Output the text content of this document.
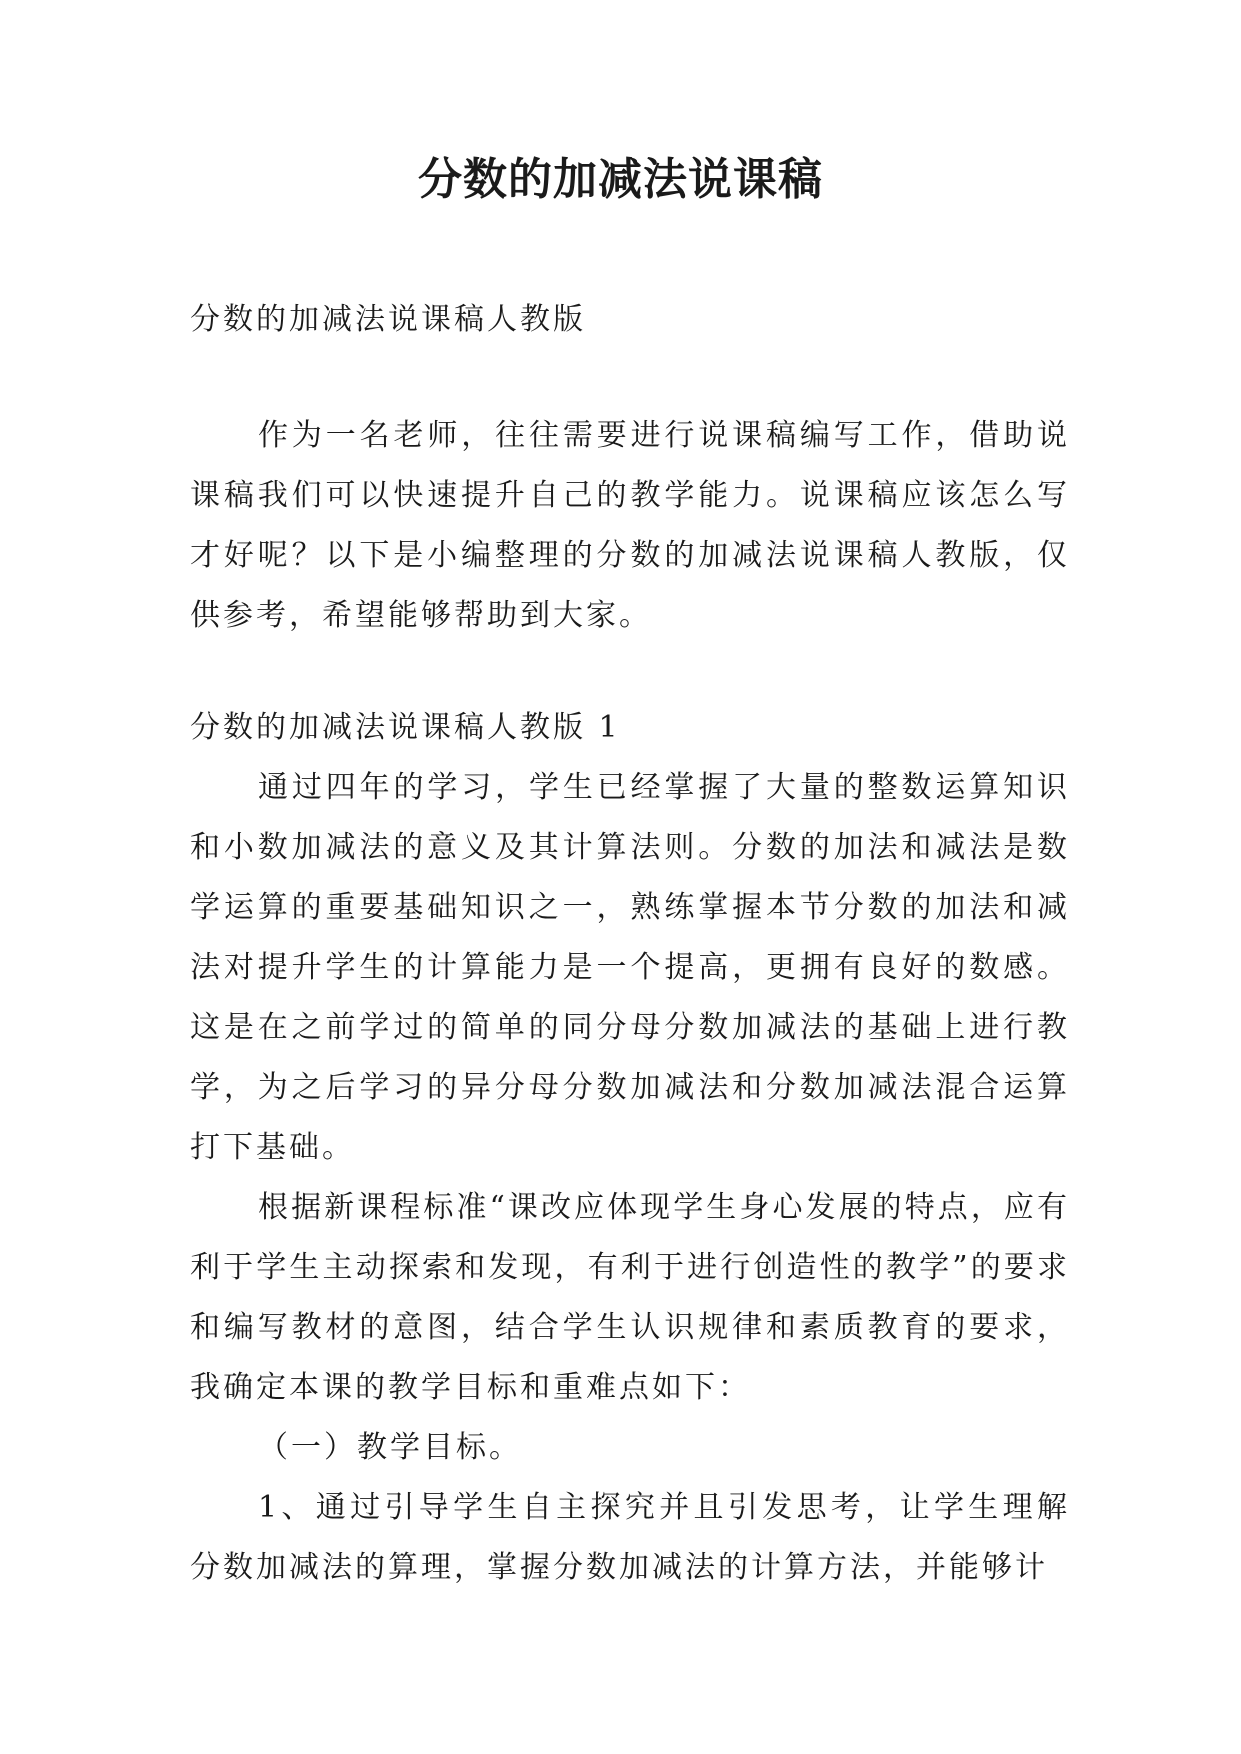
分数的加减法说课稿

分数的加减法说课稿人教版

作为一名老师，往往需要进行说课稿编写工作，借助说课稿我们可以快速提升自己的教学能力。说课稿应该怎么写才好呢？以下是小编整理的分数的加减法说课稿人教版，仅供参考，希望能够帮助到大家。

分数的加减法说课稿人教版 1

通过四年的学习，学生已经掌握了大量的整数运算知识和小数加减法的意义及其计算法则。分数的加法和减法是数学运算的重要基础知识之一，熟练掌握本节分数的加法和减法对提升学生的计算能力是一个提高，更拥有良好的数感。这是在之前学过的简单的同分母分数加减法的基础上进行教学，为之后学习的异分母分数加减法和分数加减法混合运算打下基础。

根据新课程标准“课改应体现学生身心发展的特点，应有利于学生主动探索和发现，有利于进行创造性的教学”的要求和编写教材的意图，结合学生认识规律和素质教育的要求，我确定本课的教学目标和重难点如下：

（一）教学目标。

1、通过引导学生自主探究并且引发思考，让学生理解分数加减法的算理，掌握分数加减法的计算方法，并能够计
